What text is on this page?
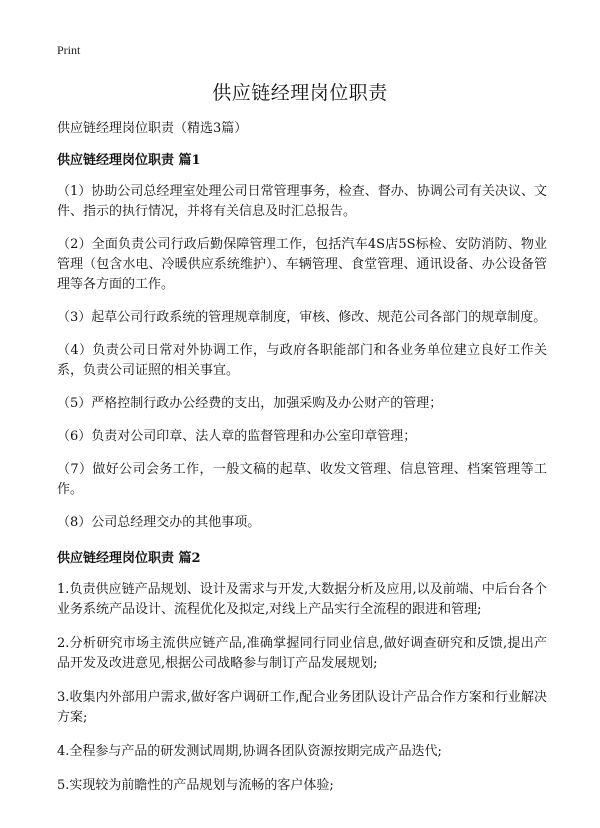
Print
供应链经理岗位职责

供应链经理岗位职责（精选3篇）

供应链经理岗位职责 篇1

（1）协助公司总经理室处理公司日常管理事务，检查、督办、协调公司有关决议、文件、指示的执行情况，并将有关信息及时汇总报告。

（2）全面负责公司行政后勤保障管理工作，包括汽车4S店5S标检、安防消防、物业管理（包含水电、冷暖供应系统维护）、车辆管理、食堂管理、通讯设备、办公设备管理等各方面的工作。

（3）起草公司行政系统的管理规章制度，审核、修改、规范公司各部门的规章制度。

（4）负责公司日常对外协调工作，与政府各职能部门和各业务单位建立良好工作关系，负责公司证照的相关事宜。

（5）严格控制行政办公经费的支出，加强采购及办公财产的管理；

（6）负责对公司印章、法人章的监督管理和办公室印章管理；

（7）做好公司会务工作，一般文稿的起草、收发文管理、信息管理、档案管理等工作。

（8）公司总经理交办的其他事项。

供应链经理岗位职责 篇2

1.负责供应链产品规划、设计及需求与开发,大数据分析及应用,以及前端、中后台各个业务系统产品设计、流程优化及拟定,对线上产品实行全流程的跟进和管理;

2.分析研究市场主流供应链产品,准确掌握同行同业信息,做好调查研究和反馈,提出产品开发及改进意见,根据公司战略参与制订产品发展规划;

3.收集内外部用户需求,做好客户调研工作,配合业务团队设计产品合作方案和行业解决方案;

4.全程参与产品的研发测试周期,协调各团队资源按期完成产品迭代;

5.实现较为前瞻性的产品规划与流畅的客户体验;
